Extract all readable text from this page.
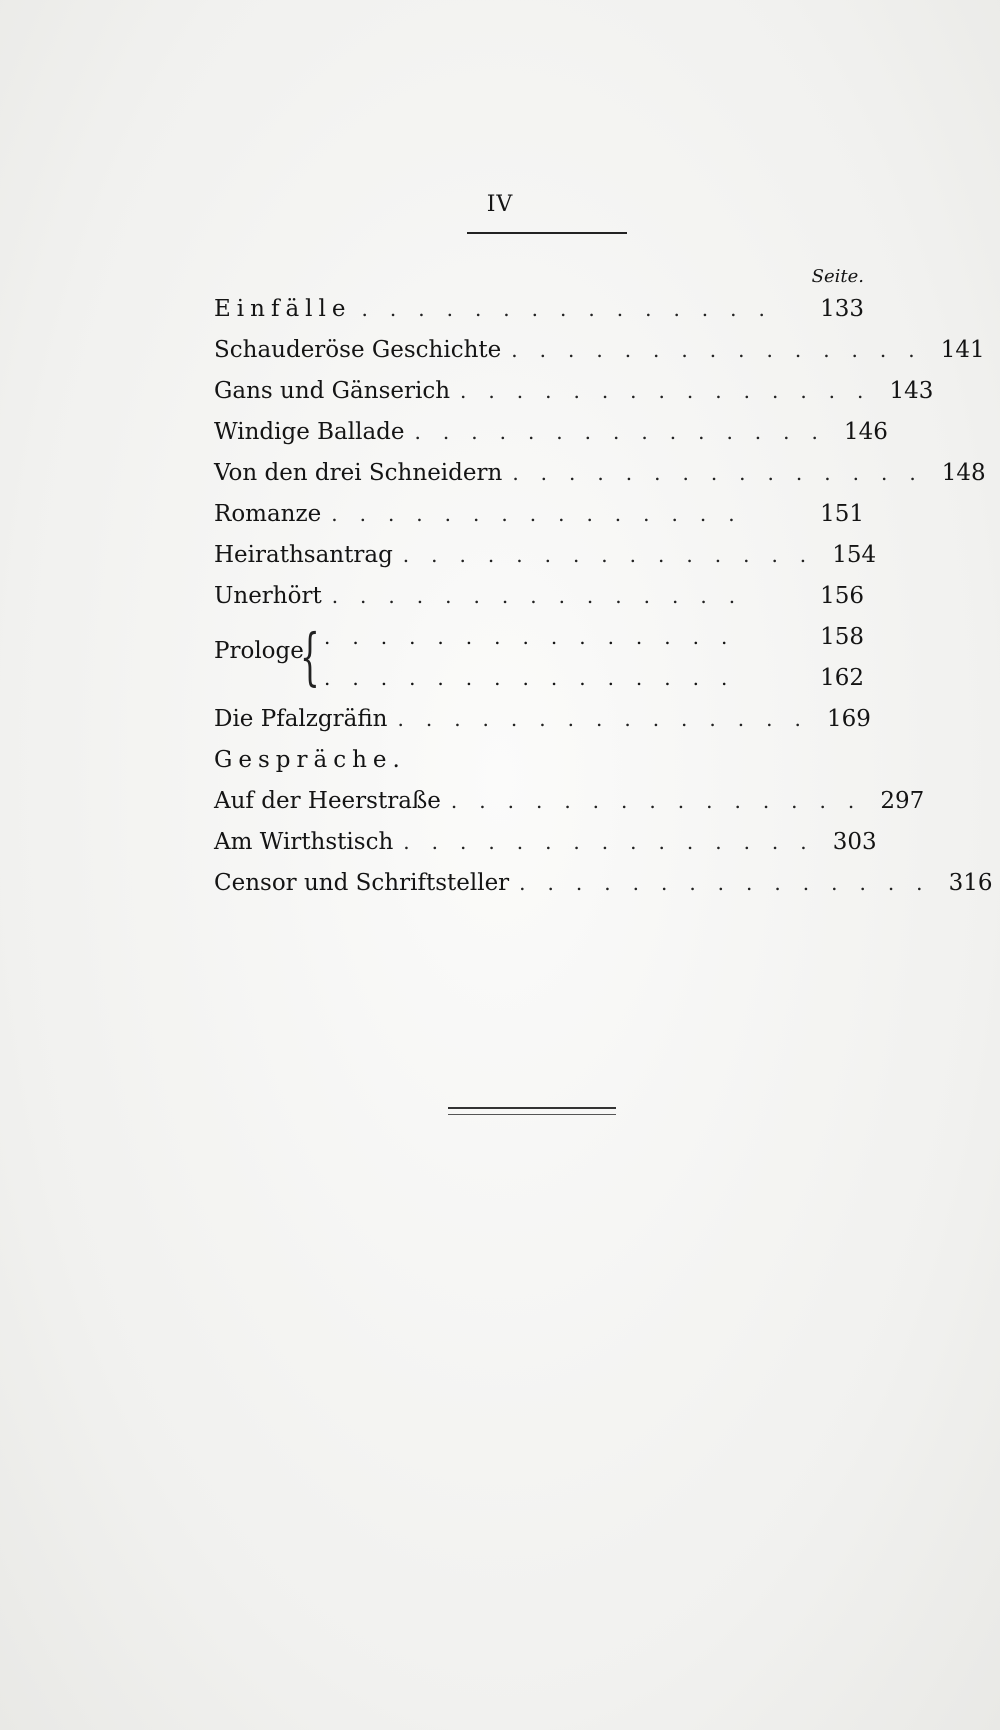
IV
Seite.
Einfälle ...............	133
Schauderöse Geschichte ............... 141
Gans und Gänserich ............... 143
Windige Ballade ............... 146
Von den drei Schneidern ............... 148
Romanze ...............	151
Heirathsantrag ............... 154
Unerhört ...............	156
Prologe
{ ...............	158
...............	162
Die Pfalzgräfin ............... 169
Gespräche.
Auf der Heerstraße ............... 297
Am Wirthstisch ............... 303
Censor und Schriftsteller ............... 316
